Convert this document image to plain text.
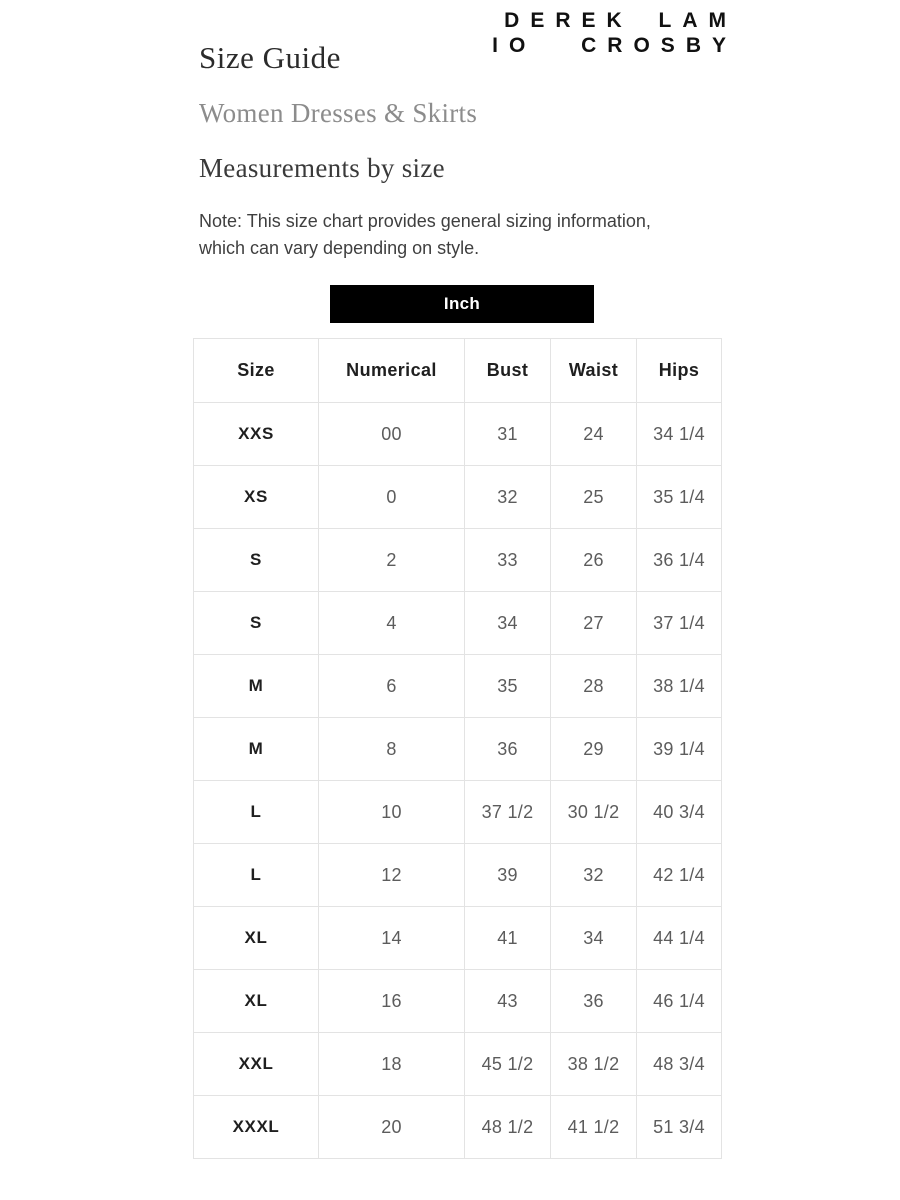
DEREK LAM
IO CROSBY
Size Guide
Women Dresses & Skirts
Measurements by size
Note: This size chart provides general sizing information,
which can vary depending on style.
Inch
Size	Numerical	Bust	Waist	Hips
XXS	00	31	24	34 1/4
XS	0	32	25	35 1/4
S	2	33	26	36 1/4
S	4	34	27	37 1/4
M	6	35	28	38 1/4
M	8	36	29	39 1/4
L	10	37 1/2	30 1/2	40 3/4
L	12	39	32	42 1/4
XL	14	41	34	44 1/4
XL	16	43	36	46 1/4
XXL	18	45 1/2	38 1/2	48 3/4
XXXL	20	48 1/2	41 1/2	51 3/4
